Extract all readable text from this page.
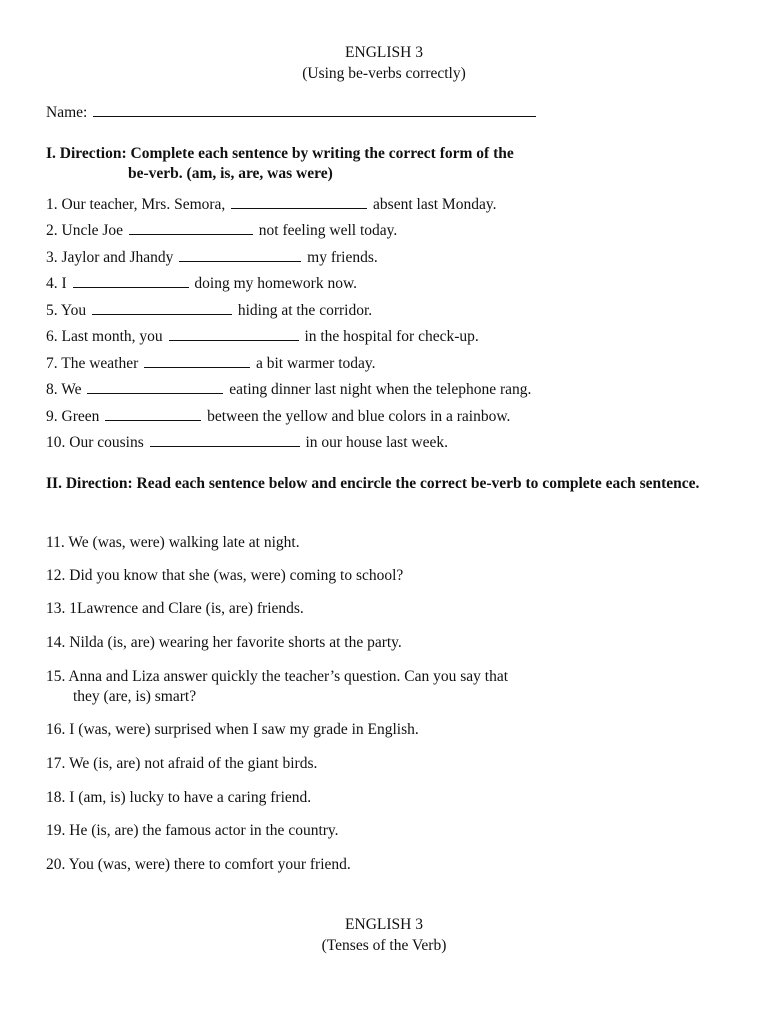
ENGLISH 3
(Using be-verbs correctly)
Name:
I. Direction: Complete each sentence by writing the correct form of the
be-verb. (am, is, are, was were)
1. Our teacher, Mrs. Semora,	absent last Monday.
2. Uncle Joe	not feeling well today.
3. Jaylor and Jhandy	my friends.
4. I	doing my homework now.
5. You	hiding at the corridor.
6. Last month, you	in the hospital for check-up.
7. The weather	a bit warmer today.
8. We	eating dinner last night when the telephone rang.
9. Green	between the yellow and blue colors in a rainbow.
10. Our cousins	in our house last week.
II. Direction: Read each sentence below and encircle the correct be-verb to complete each sentence.
11. We (was, were) walking late at night.
12. Did you know that she (was, were) coming to school?
13. 1Lawrence and Clare (is, are) friends.
14. Nilda (is, are) wearing her favorite shorts at the party.
15. Anna and Liza answer quickly the teacher’s question. Can you say that
they (are, is) smart?
16. I (was, were) surprised when I saw my grade in English.
17. We (is, are) not afraid of the giant birds.
18. I (am, is) lucky to have a caring friend.
19. He (is, are) the famous actor in the country.
20. You (was, were) there to comfort your friend.
ENGLISH 3
(Tenses of the Verb)
